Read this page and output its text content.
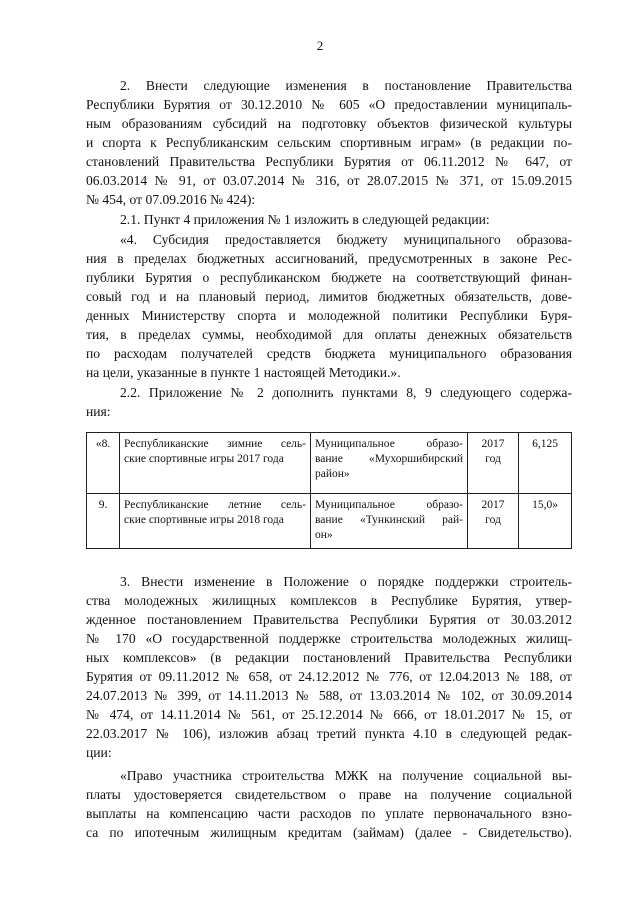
2
2. Внести следующие изменения в постановление Правительства
Республики Бурятия от 30.12.2010 № 605 «О предоставлении муниципаль-
ным образованиям субсидий на подготовку объектов физической культуры
и спорта к Республиканским сельским спортивным играм» (в редакции по-
становлений Правительства Республики Бурятия от 06.11.2012 № 647, от
06.03.2014 № 91, от 03.07.2014 № 316, от 28.07.2015 № 371, от 15.09.2015
№ 454, от 07.09.2016 № 424):
2.1. Пункт 4 приложения № 1 изложить в следующей редакции:
«4. Субсидия предоставляется бюджету муниципального образова-
ния в пределах бюджетных ассигнований, предусмотренных в законе Рес-
публики Бурятия о республиканском бюджете на соответствующий финан-
совый год и на плановый период, лимитов бюджетных обязательств, дове-
денных Министерству спорта и молодежной политики Республики Буря-
тия, в пределах суммы, необходимой для оплаты денежных обязательств
по расходам получателей средств бюджета муниципального образования
на цели, указанные в пункте 1 настоящей Методики.».
2.2. Приложение № 2 дополнить пунктами 8, 9 следующего содержа-
ния:
«8.	Республиканские зимние сель-
ские спортивные игры 2017 года	Муниципальное образо-
вание «Мухоршибирский
район»	2017
год	6,125
9.	Республиканские летние сель-
ские спортивные игры 2018 года	Муниципальное образо-
вание «Тункинский рай-
он»	2017
год	15,0»
3. Внести изменение в Положение о порядке поддержки строитель-
ства молодежных жилищных комплексов в Республике Бурятия, утвер-
жденное постановлением Правительства Республики Бурятия от 30.03.2012
№ 170 «О государственной поддержке строительства молодежных жилищ-
ных комплексов» (в редакции постановлений Правительства Республики
Бурятия от 09.11.2012 № 658, от 24.12.2012 № 776, от 12.04.2013 № 188, от
24.07.2013 № 399, от 14.11.2013 № 588, от 13.03.2014 № 102, от 30.09.2014
№ 474, от 14.11.2014 № 561, от 25.12.2014 № 666, от 18.01.2017 № 15, от
22.03.2017 № 106), изложив абзац третий пункта 4.10 в следующей редак-
ции:
«Право участника строительства МЖК на получение социальной вы-
платы удостоверяется свидетельством о праве на получение социальной
выплаты на компенсацию части расходов по уплате первоначального взно-
са по ипотечным жилищным кредитам (займам) (далее - Свидетельство).
